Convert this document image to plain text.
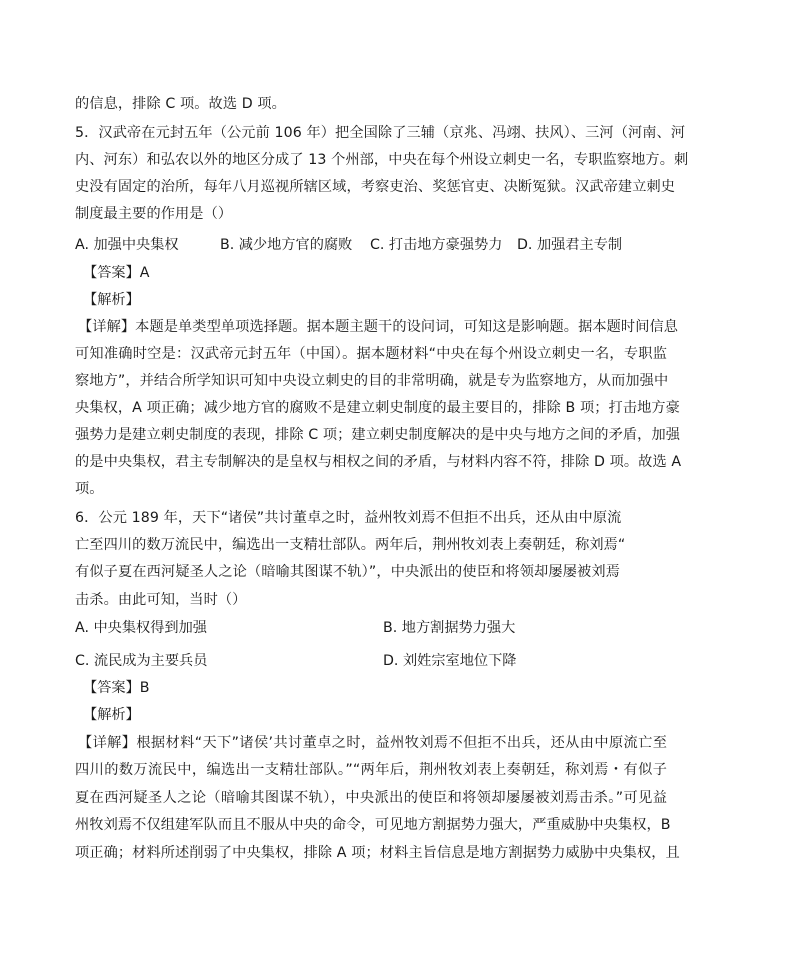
的信息，排除 C 项。故选 D 项。
5．汉武帝在元封五年（公元前 106 年）把全国除了三辅（京兆、冯翊、扶风）、三河（河南、河
内、河东）和弘农以外的地区分成了 13 个州部，中央在每个州设立刺史一名，专职监察地方。刺
史没有固定的治所，每年八月巡视所辖区域，考察吏治、奖惩官吏、决断冤狱。汉武帝建立刺史
制度最主要的作用是（）
A. 加强中央集权	B. 减少地方官的腐败 C. 打击地方豪强势力 D. 加强君主专制
【答案】A
【解析】
【详解】本题是单类型单项选择题。据本题主题干的设问词，可知这是影响题。据本题时间信息
可知准确时空是：汉武帝元封五年（中国）。据本题材料“中央在每个州设立刺史一名，专职监
察地方”，并结合所学知识可知中央设立刺史的目的非常明确，就是专为监察地方，从而加强中
央集权，A 项正确；减少地方官的腐败不是建立刺史制度的最主要目的，排除 B 项；打击地方豪
强势力是建立刺史制度的表现，排除 C 项；建立刺史制度解决的是中央与地方之间的矛盾，加强
的是中央集权，君主专制解决的是皇权与相权之间的矛盾，与材料内容不符，排除 D 项。故选 A
项。
6．公元 189 年，天下“诸侯”共讨董卓之时，益州牧刘焉不但拒不出兵，还从由中原流
亡至四川的数万流民中，编选出一支精壮部队。两年后，荆州牧刘表上奏朝廷，称刘焉“
有似子夏在西河疑圣人之论（暗喻其图谋不轨）”，中央派出的使臣和将领却屡屡被刘焉
击杀。由此可知，当时（）
A. 中央集权得到加强	B. 地方割据势力强大
C. 流民成为主要兵员	D. 刘姓宗室地位下降
【答案】B
【解析】
【详解】根据材料“天下”诸侯’共讨董卓之时，益州牧刘焉不但拒不出兵，还从由中原流亡至
四川的数万流民中，编选出一支精壮部队。”“两年后，荆州牧刘表上奏朝廷，称刘焉・有似子
夏在西河疑圣人之论（暗喻其图谋不轨），中央派出的使臣和将领却屡屡被刘焉击杀。”可见益
州牧刘焉不仅组建军队而且不服从中央的命令，可见地方割据势力强大，严重威胁中央集权，B
项正确；材料所述削弱了中央集权，排除 A 项；材料主旨信息是地方割据势力威胁中央集权，且
